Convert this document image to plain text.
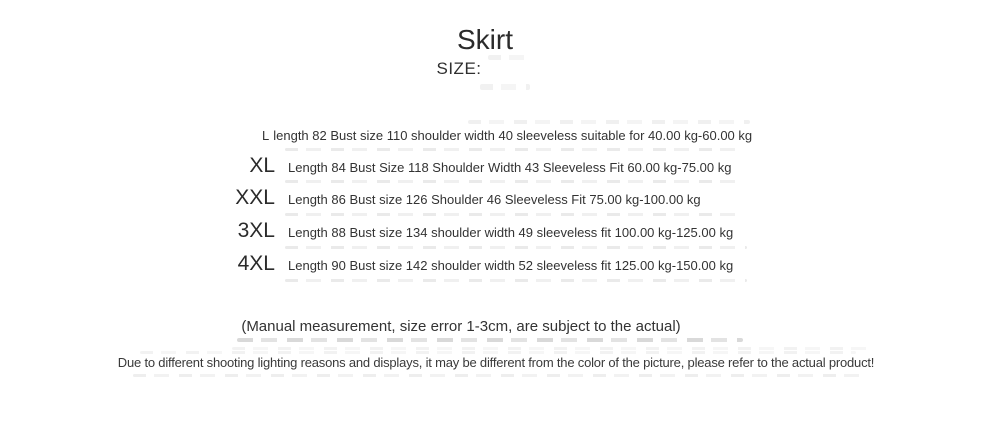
Skirt
SIZE:
L length 82 Bust size 110 shoulder width 40 sleeveless suitable for 40.00 kg-60.00 kg
XL Length 84 Bust Size 118 Shoulder Width 43 Sleeveless Fit 60.00 kg-75.00 kg
XXL Length 86 Bust size 126 Shoulder 46 Sleeveless Fit 75.00 kg-100.00 kg
3XL Length 88 Bust size 134 shoulder width 49 sleeveless fit 100.00 kg-125.00 kg
4XL Length 90 Bust size 142 shoulder width 52 sleeveless fit 125.00 kg-150.00 kg
(Manual measurement, size error 1-3cm, are subject to the actual)
Due to different shooting lighting reasons and displays, it may be different from the color of the picture, please refer to the actual product!
